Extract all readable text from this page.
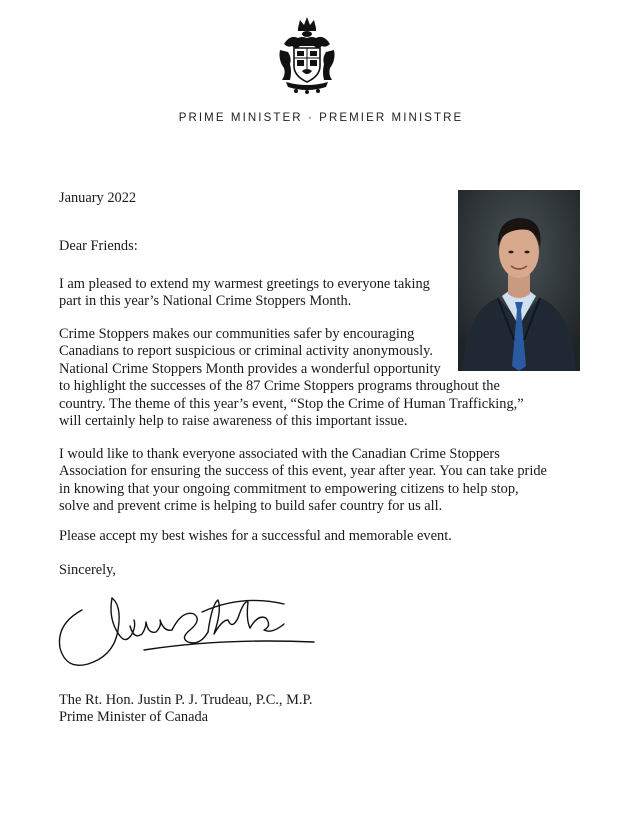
PRIME MINISTER · PREMIER MINISTRE

January 2022

Dear Friends:

I am pleased to extend my warmest greetings to everyone taking
part in this year’s National Crime Stoppers Month.
Crime Stoppers makes our communities safer by encouraging
Canadians to report suspicious or criminal activity anonymously.
National Crime Stoppers Month provides a wonderful opportunity
to highlight the successes of the 87 Crime Stoppers programs throughout the
country. The theme of this year’s event, “Stop the Crime of Human Trafficking,”
will certainly help to raise awareness of this important issue.
I would like to thank everyone associated with the Canadian Crime Stoppers
Association for ensuring the success of this event, year after year. You can take pride
in knowing that your ongoing commitment to empowering citizens to help stop,
solve and prevent crime is helping to build safer country for us all.

Please accept my best wishes for a successful and memorable event.

Sincerely,

The Rt. Hon. Justin P. J. Trudeau, P.C., M.P.
Prime Minister of Canada
